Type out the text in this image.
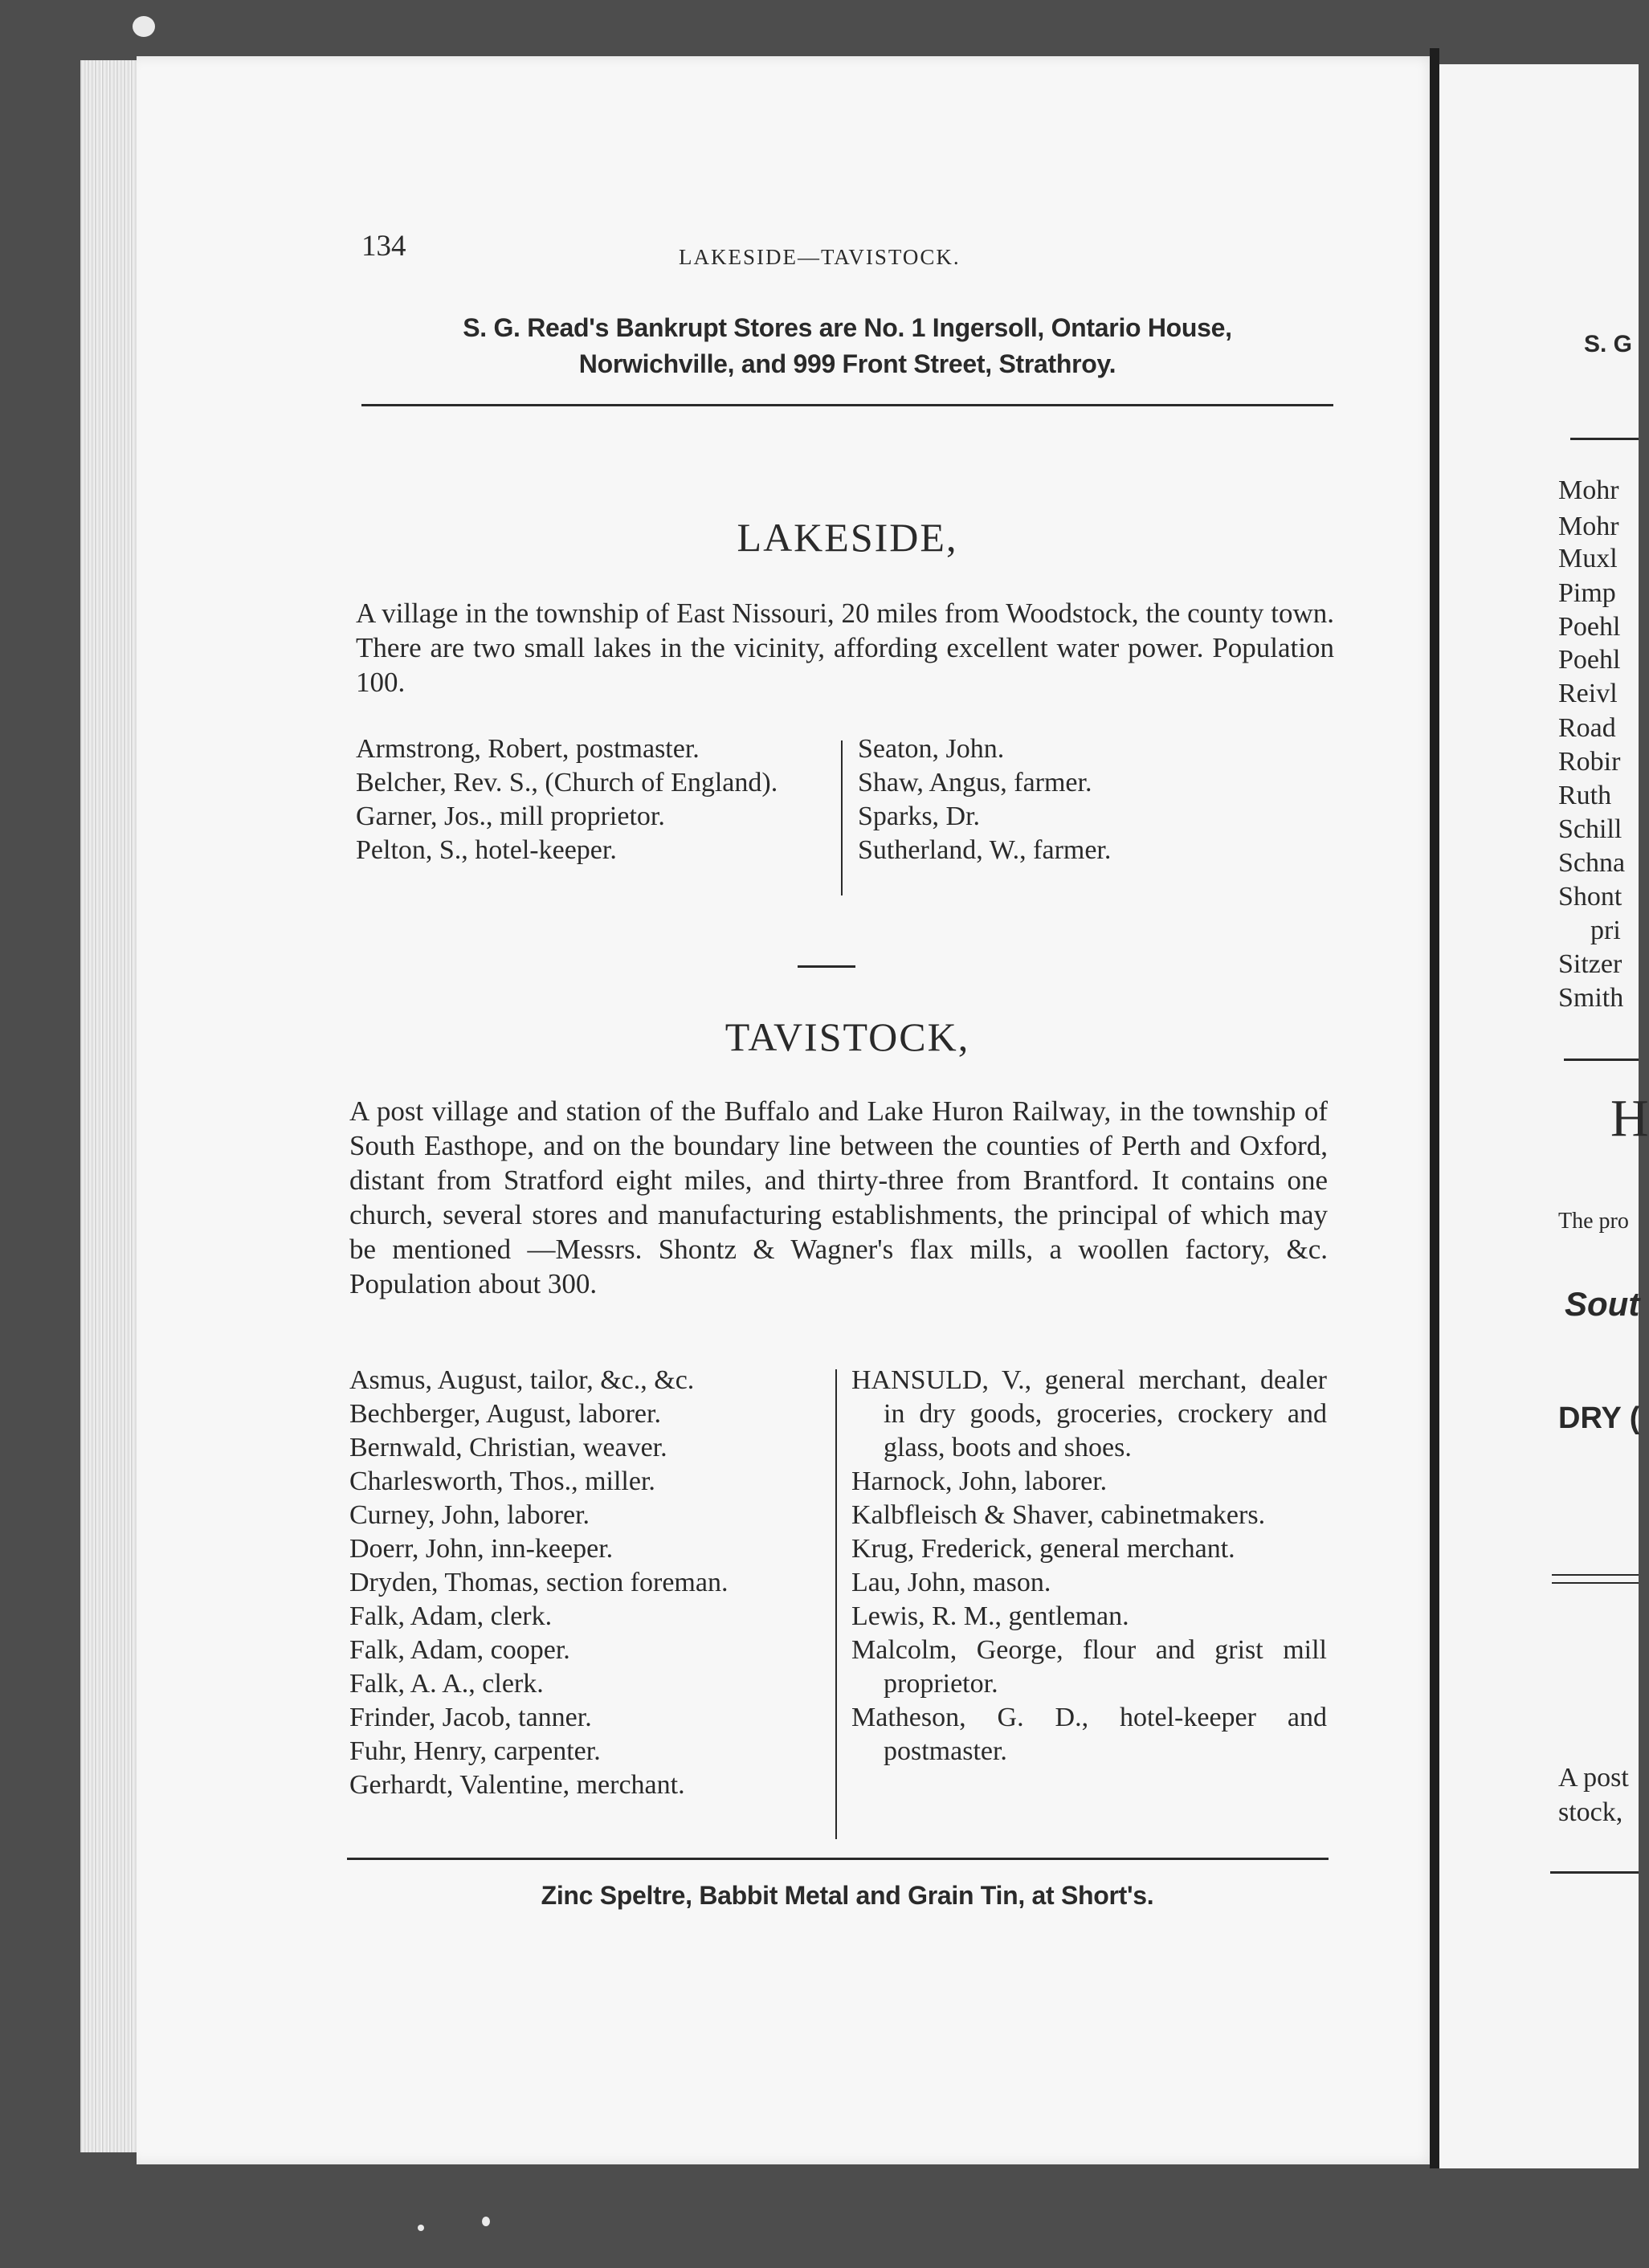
134	LAKESIDE—TAVISTOCK.
S. G. Read's Bankrupt Stores are No. 1 Ingersoll, Ontario House,
Norwichville, and 999 Front Street, Strathroy.
LAKESIDE,
A village in the township of East Nissouri, 20 miles from Woodstock, the county town. There are two small lakes in the vicinity, affording excellent water power. Population 100.
Armstrong, Robert, postmaster.
Belcher, Rev. S., (Church of England).
Garner, Jos., mill proprietor.
Pelton, S., hotel-keeper.
Seaton, John.
Shaw, Angus, farmer.
Sparks, Dr.
Sutherland, W., farmer.
TAVISTOCK,
A post village and station of the Buffalo and Lake Huron Railway, in the township of South Easthope, and on the boundary line between the counties of Perth and Oxford, distant from Stratford eight miles, and thirty-three from Brantford. It contains one church, several stores and manufacturing establishments, the principal of which may be mentioned —Messrs. Shontz & Wagner's flax mills, a woollen factory, &c. Population about 300.
Asmus, August, tailor, &c., &c.
Bechberger, August, laborer.
Bernwald, Christian, weaver.
Charlesworth, Thos., miller.
Curney, John, laborer.
Doerr, John, inn-keeper.
Dryden, Thomas, section foreman.
Falk, Adam, clerk.
Falk, Adam, cooper.
Falk, A. A., clerk.
Frinder, Jacob, tanner.
Fuhr, Henry, carpenter.
Gerhardt, Valentine, merchant.
HANSULD, V., general merchant, dealer in dry goods, groceries, crockery and glass, boots and shoes.
Harnock, John, laborer.
Kalbfleisch & Shaver, cabinetmakers.
Krug, Frederick, general merchant.
Lau, John, mason.
Lewis, R. M., gentleman.
Malcolm, George, flour and grist mill proprietor.
Matheson, G. D., hotel-keeper and postmaster.
Zinc Speltre, Babbit Metal and Grain Tin, at Short's.
S. G
Mohr
Mohr
Muxl
Pimp
Poehl
Poehl
Reivl
Road
Robir
Ruth
Schill
Schna
Shont
pri
Sitzer
Smith
H
The pro
Sout
DRY (
A post
stock,
